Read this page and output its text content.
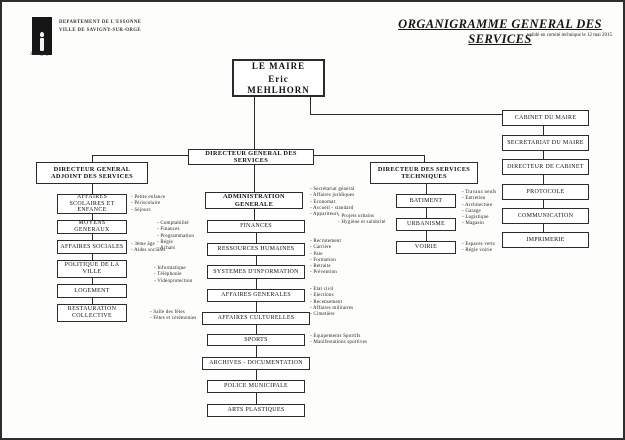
Savigny
DEPARTEMENT DE L'ESSONNE
VILLE DE SAVIGNY-SUR-ORGE	ORGANIGRAMME GENERAL DES SERVICES
validé en comité technique le 12 mai 2015
LE MAIRE
Eric MEHLHORN
DIRECTEUR GENERAL DES SERVICES
DIRECTEUR GENERAL ADJOINT DES SERVICES
DIRECTEUR DES SERVICES TECHNIQUES
AFFAIRES SCOLAIRES ET ENFANCE
MOYENS GENERAUX
AFFAIRES SOCIALES
POLITIQUE DE LA VILLE
LOGEMENT
RESTAURATION COLLECTIVE
- Petite enfance
- Périscolaire
- Séjours
- 3ème âge
- Aides sociales
ADMINISTRATION GENERALE
FINANCES
RESSOURCES HUMAINES
SYSTEMES D'INFORMATION
AFFAIRES GENERALES
AFFAIRES CULTURELLES
SPORTS
ARCHIVES - DOCUMENTATION
POLICE MUNICIPALE
ARTS PLASTIQUES
- Secrétariat général
- Affaires juridiques
- Economat
- Accueil - standard
- Appariteurs
- Comptabilité
- Finances
- Programmation
- Régie
- Achats
- Recrutement
- Carrière
- Paie
- Formation
- Retraite
- Prévention
- Informatique
- Téléphonie
- Vidéoprotection
- Etat civil
- Elections
- Recensement
- Affaires militaires
- Cimetière
- Salle des fêtes
- Fêtes et cérémonies
- Equipements Sportifs
- Manifestations sportives
BATIMENT
URBANISME
VOIRIE
- Travaux neufs
- Entretien
- Architecture
- Garage
- Logistique
- Magasin
- Projets urbains
- Hygiène et salubrité
- Espaces verts
- Régie voirie
CABINET DU MAIRE
SECRETARIAT DU MAIRE
DIRECTEUR DE CABINET
PROTOCOLE
COMMUNICATION
IMPRIMERIE
